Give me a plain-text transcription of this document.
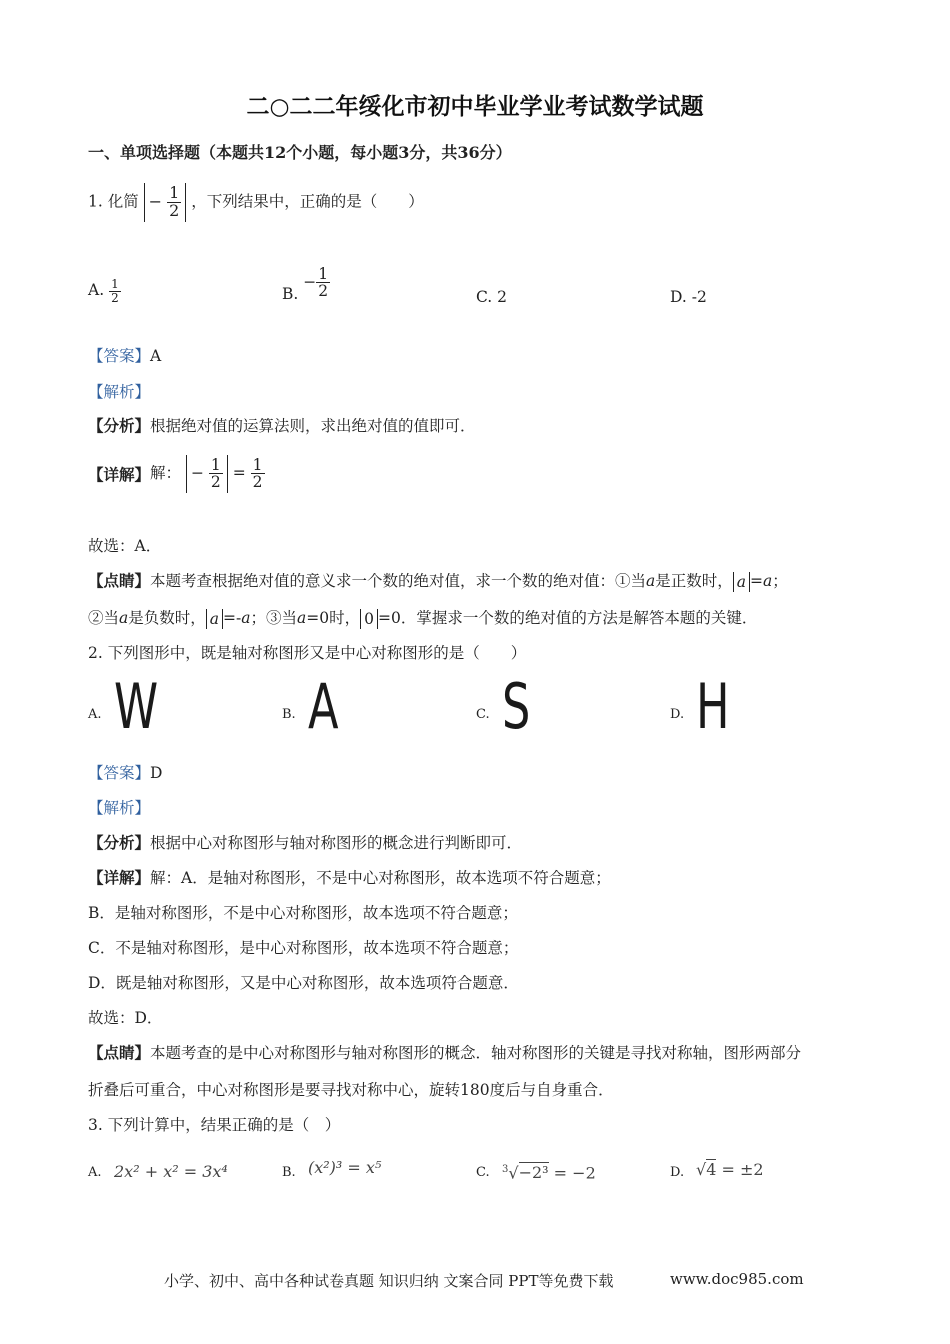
二○二二年绥化市初中毕业学业考试数学试题
一、单项选择题（本题共12个小题，每小题3分，共36分）
1. 化简 − $\frac{1}{2}$ ，下列结果中，正确的是（　　）
A. $\frac{1}{2}$	B. − $\frac{1}{2}$	C. 2	D. -2
【答案】A
【解析】
【分析】根据绝对值的运算法则，求出绝对值的值即可．
【详解】解： − $\frac{1}{2} = \frac{1}{2}$
故选：A．
【点睛】本题考查根据绝对值的意义求一个数的绝对值，求一个数的绝对值：①当a是正数时， a =a；
②当a是负数时， a =-a；③当a=0时， 0 =0．掌握求一个数的绝对值的方法是解答本题的关键．
2. 下列图形中，既是轴对称图形又是中心对称图形的是（　　）
A. W	B. A	C. S	D. H
【答案】D
【解析】
【分析】根据中心对称图形与轴对称图形的概念进行判断即可．
【详解】解：A．是轴对称图形，不是中心对称图形，故本选项不符合题意；
B．是轴对称图形，不是中心对称图形，故本选项不符合题意；
C．不是轴对称图形，是中心对称图形，故本选项不符合题意；
D．既是轴对称图形，又是中心对称图形，故本选项符合题意．
故选：D．
【点睛】本题考查的是中心对称图形与轴对称图形的概念．轴对称图形的关键是寻找对称轴，图形两部分
折叠后可重合，中心对称图形是要寻找对称中心，旋转180度后与自身重合．
3. 下列计算中，结果正确的是（　）
A. 2x² + x² = 3x⁴	B. (x²)³ = x⁵	C. $^3$√−2³ = −2	D. √4 = ±2
小学、初中、高中各种试卷真题 知识归纳 文案合同 PPT等免费下载	www.doc985.com
